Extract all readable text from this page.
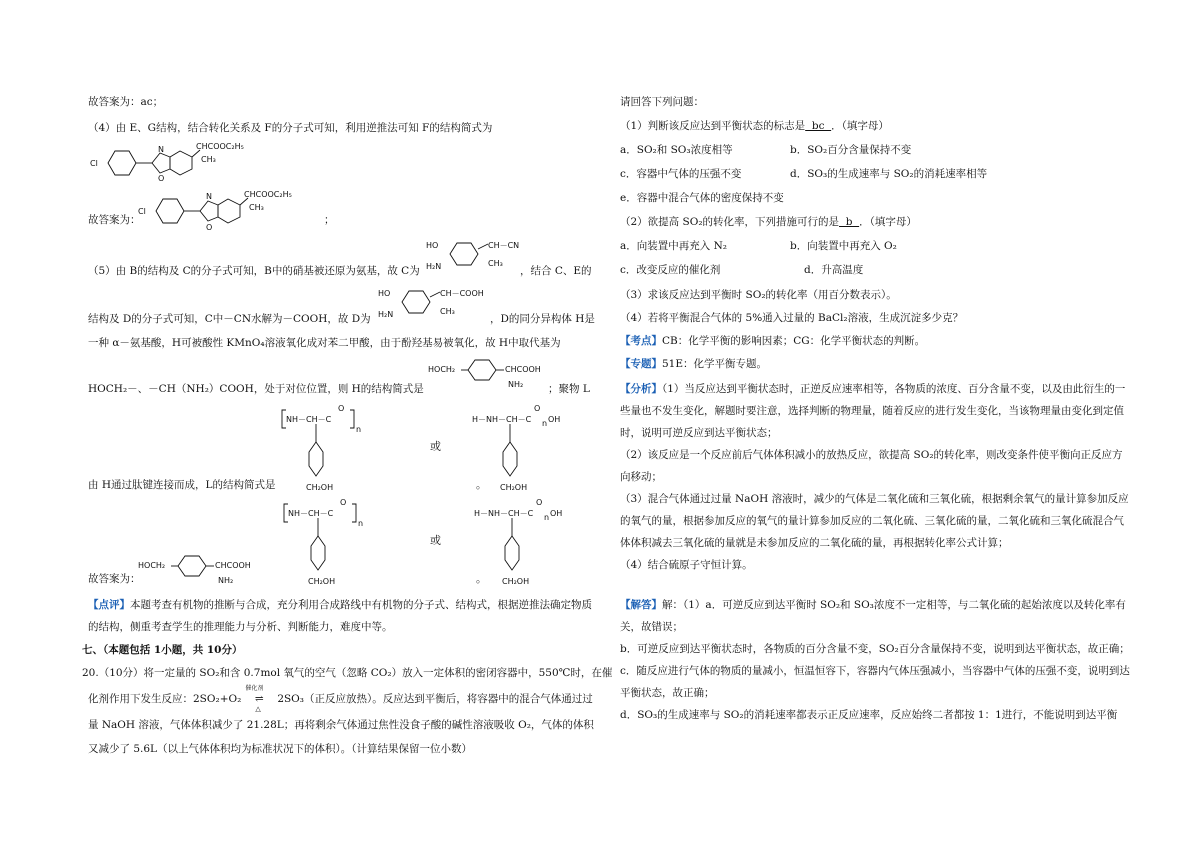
故答案为：ac；
（4）由 E、G结构，结合转化关系及 F的分子式可知，利用逆推法可知 F的结构简式为
Cl
N
O
CHCOOC₂H₅
CH₃
故答案为：
Cl
N
O
CHCOOC₂H₅
CH₃
；
HO
H₂N
CH－CN
CH₃
（5）由 B的结构及 C的分子式可知，B中的硝基被还原为氨基，故 C为	，结合 C、E的
HO
H₂N
CH－COOH
CH₃
结构及 D的分子式可知，C中－CN水解为－COOH，故 D为	，D的同分异构体 H是
一种 α－氨基酸，H可被酸性 KMnO₄溶液氧化成对苯二甲酸，由于酚羟基易被氧化，故 H中取代基为
HOCH₂	CHCOOH
NH₂
HOCH₂－、－CH（NH₂）COOH，处于对位位置，则 H的结构简式是	；聚物 L
NH－CH－C
O
n
CH₂OH
或
H－NH－CH－C
O
n OH
CH₂OH
由 H通过肽键连接而成，L的结构简式是	。
HOCH₂	CHCOOH
NH₂
NH－CH－C
O
n
CH₂OH
或
H－NH－CH－C
O
n OH
CH₂OH
故答案为：	。
【点评】本题考查有机物的推断与合成，充分利用合成路线中有机物的分子式、结构式，根据逆推法确定物质的结构，侧重考查学生的推理能力与分析、判断能力，难度中等。
七、（本题包括 1小题，共 10分）
20.（10分）将一定量的 SO₂和含 0.7mol 氧气的空气（忽略 CO₂）放入一定体积的密闭容器中，550℃时，在催
化剂作用下发生反应：2SO₂+O₂
催化剂
⇌
△
2SO₃（正反应放热）。反应达到平衡后，将容器中的混合气体通过过
量 NaOH 溶液，气体体积减少了 21.28L；再将剩余气体通过焦性没食子酸的碱性溶液吸收 O₂，气体的体积
又减少了 5.6L（以上气体体积均为标准状况下的体积）。（计算结果保留一位小数）
请回答下列问题：
（1）判断该反应达到平衡状态的标志是  bc  ．（填字母）
a．SO₂和 SO₃浓度相等	b．SO₂百分含量保持不变
c．容器中气体的压强不变	d．SO₃的生成速率与 SO₂的消耗速率相等
e．容器中混合气体的密度保持不变
（2）欲提高 SO₂的转化率，下列措施可行的是  b  ．（填字母）
a．向装置中再充入 N₂	b．向装置中再充入 O₂
c．改变反应的催化剂	d．升高温度
（3）求该反应达到平衡时 SO₂的转化率（用百分数表示）。
（4）若将平衡混合气体的 5%通入过量的 BaCl₂溶液，生成沉淀多少克？
【考点】CB：化学平衡的影响因素；CG：化学平衡状态的判断。
【专题】51E：化学平衡专题。
【分析】（1）当反应达到平衡状态时，正逆反应速率相等，各物质的浓度、百分含量不变，以及由此衍生的一些量也不发生变化，解题时要注意，选择判断的物理量，随着反应的进行发生变化，当该物理量由变化到定值时，说明可逆反应到达平衡状态；
（2）该反应是一个反应前后气体体积减小的放热反应，欲提高 SO₂的转化率，则改变条件使平衡向正反应方向移动；
（3）混合气体通过过量 NaOH 溶液时，减少的气体是二氧化硫和三氧化硫，根据剩余氧气的量计算参加反应的氧气的量，根据参加反应的氧气的量计算参加反应的二氧化硫、三氧化硫的量，二氧化硫和三氧化硫混合气体体积减去三氧化硫的量就是未参加反应的二氧化硫的量，再根据转化率公式计算；
（4）结合硫原子守恒计算。
【解答】解：（1）a．可逆反应到达平衡时 SO₂和 SO₃浓度不一定相等，与二氧化硫的起始浓度以及转化率有关，故错误；
b．可逆反应到达平衡状态时，各物质的百分含量不变，SO₂百分含量保持不变，说明到达平衡状态，故正确；
c．随反应进行气体的物质的量减小，恒温恒容下，容器内气体压强减小，当容器中气体的压强不变，说明到达平衡状态，故正确；
d．SO₃的生成速率与 SO₂的消耗速率都表示正反应速率，反应始终二者都按 1：1进行，不能说明到达平衡
